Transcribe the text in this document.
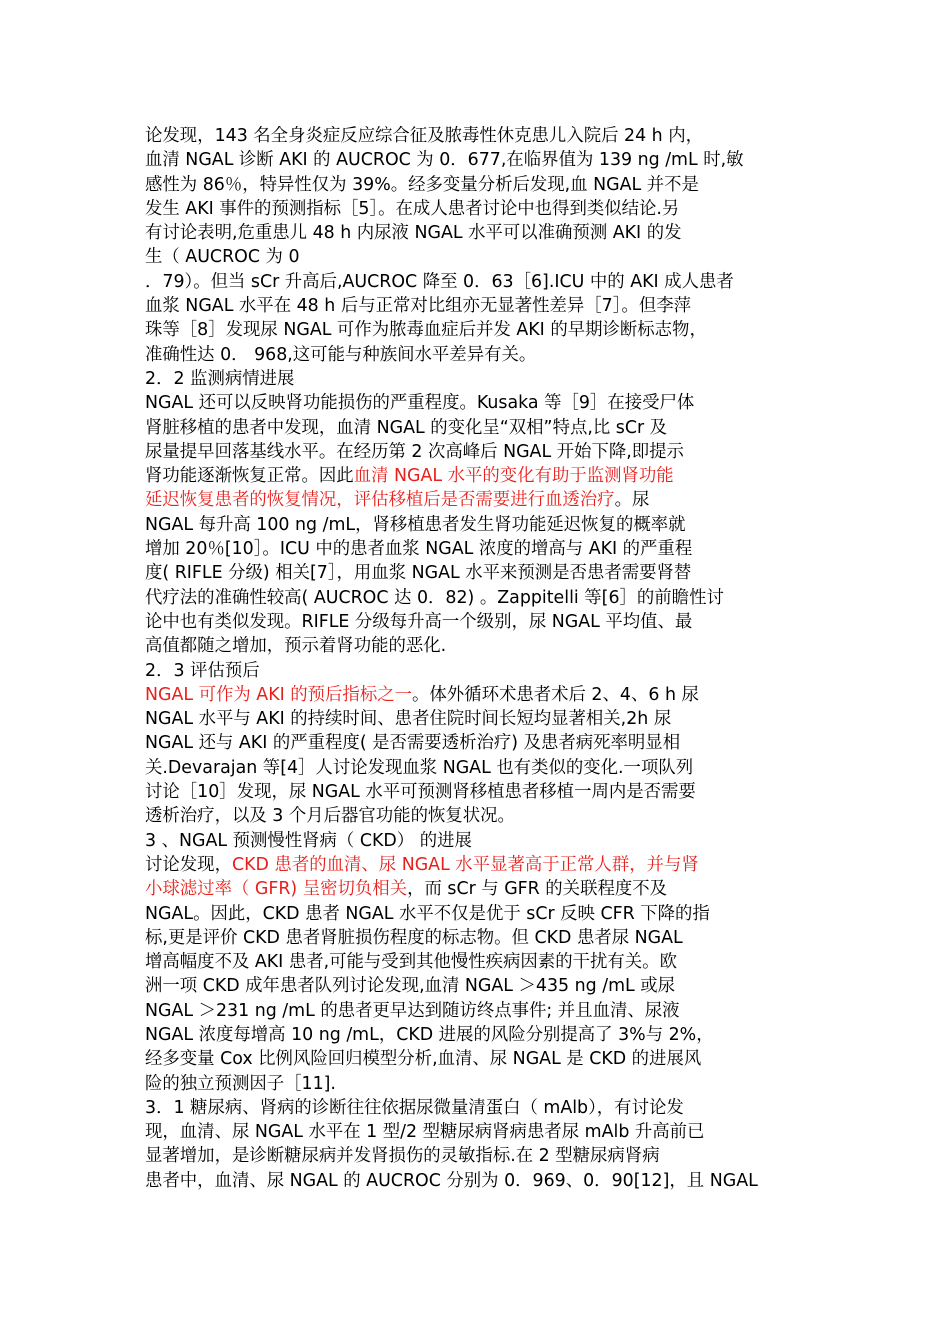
论发现，143 名全身炎症反应综合征及脓毒性休克患儿入院后 24 h 内，
血清 NGAL 诊断 AKI 的 AUCROC 为 0．677,在临界值为 139 ng /mL 时,敏
感性为 86％，特异性仅为 39%。经多变量分析后发现,血 NGAL 并不是
发生 AKI 事件的预测指标［5］。在成人患者讨论中也得到类似结论.另
有讨论表明,危重患儿 48 h 内尿液 NGAL 水平可以准确预测 AKI 的发
生（ AUCROC 为 0
．79）。但当 sCr 升高后,AUCROC 降至 0．63［6].ICU 中的 AKI 成人患者
血浆 NGAL 水平在 48 h 后与正常对比组亦无显著性差异［7］。但李萍
珠等［8］发现尿 NGAL 可作为脓毒血症后并发 AKI 的早期诊断标志物，
准确性达 0． 968,这可能与种族间水平差异有关。
2．2 监测病情进展
NGAL 还可以反映肾功能损伤的严重程度。Kusaka 等［9］在接受尸体
肾脏移植的患者中发现，血清 NGAL 的变化呈“双相”特点,比 sCr 及
尿量提早回落基线水平。在经历第 2 次高峰后 NGAL 开始下降,即提示
肾功能逐渐恢复正常。因此血清 NGAL 水平的变化有助于监测肾功能
延迟恢复患者的恢复情况，评估移植后是否需要进行血透治疗。尿
NGAL 每升高 100 ng /mL，肾移植患者发生肾功能延迟恢复的概率就
增加 20％[10］。ICU 中的患者血浆 NGAL 浓度的增高与 AKI 的严重程
度( RIFLE 分级) 相关[7］，用血浆 NGAL 水平来预测是否患者需要肾替
代疗法的准确性较高( AUCROC 达 0．82) 。Zappitelli 等[6］的前瞻性讨
论中也有类似发现。RIFLE 分级每升高一个级别，尿 NGAL 平均值、最
高值都随之增加，预示着肾功能的恶化.
2．3 评估预后
NGAL 可作为 AKI 的预后指标之一。体外循环术患者术后 2、4、6 h 尿
NGAL 水平与 AKI 的持续时间、患者住院时间长短均显著相关,2h 尿
NGAL 还与 AKI 的严重程度( 是否需要透析治疗) 及患者病死率明显相
关.Devarajan 等[4］人讨论发现血浆 NGAL 也有类似的变化.一项队列
讨论［10］发现，尿 NGAL 水平可预测肾移植患者移植一周内是否需要
透析治疗，以及 3 个月后器官功能的恢复状况。
3 、NGAL 预测慢性肾病（ CKD） 的进展
讨论发现，CKD 患者的血清、尿 NGAL 水平显著高于正常人群，并与肾
小球滤过率（ GFR) 呈密切负相关，而 sCr 与 GFR 的关联程度不及
NGAL。因此，CKD 患者 NGAL 水平不仅是优于 sCr 反映 CFR 下降的指
标,更是评价 CKD 患者肾脏损伤程度的标志物。但 CKD 患者尿 NGAL
增高幅度不及 AKI 患者,可能与受到其他慢性疾病因素的干扰有关。欧
洲一项 CKD 成年患者队列讨论发现,血清 NGAL ＞435 ng /mL 或尿
NGAL ＞231 ng /mL 的患者更早达到随访终点事件; 并且血清、尿液
NGAL 浓度每增高 10 ng /mL，CKD 进展的风险分别提高了 3%与 2%，
经多变量 Cox 比例风险回归模型分析,血清、尿 NGAL 是 CKD 的进展风
险的独立预测因子［11].
3．1 糖尿病、肾病的诊断往往依据尿微量清蛋白（ mAlb），有讨论发
现，血清、尿 NGAL 水平在 1 型/2 型糖尿病肾病患者尿 mAlb 升高前已
显著增加，是诊断糖尿病并发肾损伤的灵敏指标.在 2 型糖尿病肾病
患者中，血清、尿 NGAL 的 AUCROC 分别为 0．969、0．90[12]，且 NGAL
